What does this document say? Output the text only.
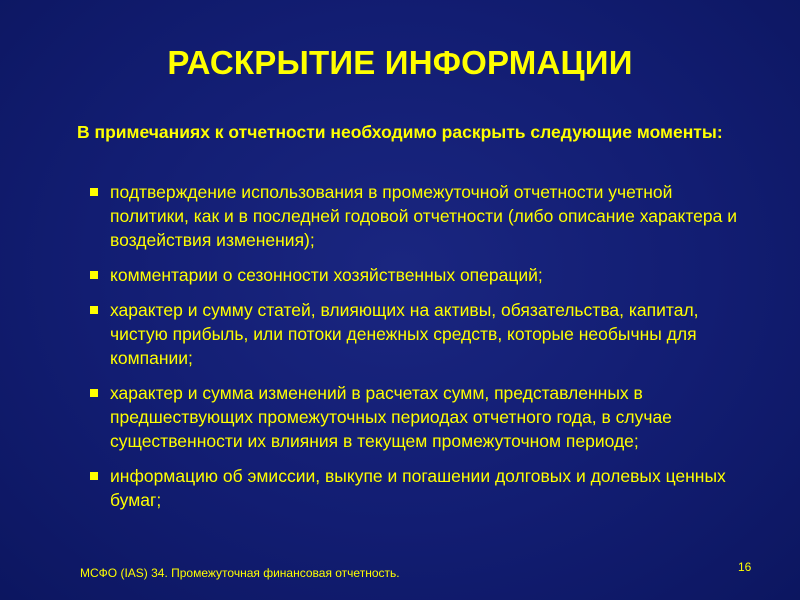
РАСКРЫТИЕ ИНФОРМАЦИИ
В примечаниях к отчетности необходимо раскрыть следующие моменты:
подтверждение использования в промежуточной отчетности учетной политики, как и в последней годовой отчетности (либо описание характера и воздействия изменения);
комментарии о сезонности хозяйственных операций;
характер и сумму статей, влияющих на активы, обязательства, капитал, чистую прибыль, или потоки денежных средств, которые необычны для компании;
характер и сумма изменений в расчетах сумм, представленных в предшествующих промежуточных периодах отчетного года, в случае существенности их влияния в текущем промежуточном периоде;
информацию об эмиссии, выкупе и погашении долговых и долевых ценных бумаг;
МСФО (IAS) 34. Промежуточная финансовая отчетность.	16
